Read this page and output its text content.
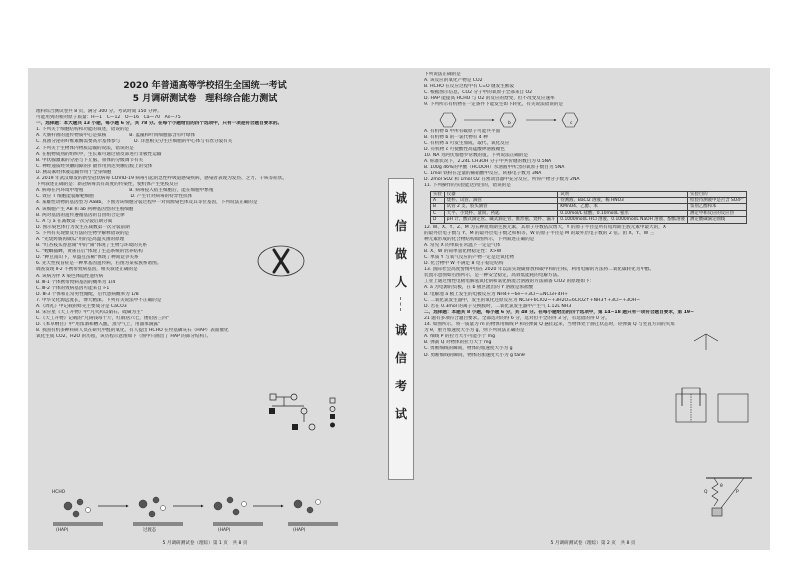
2020 年普通高等学校招生全国统一考试

5 月调研测试卷　理科综合能力测试

理科综合测试卷共 8 页，满分 300 分。考试时间 150 分钟。

可能用到的相对原子质量：H—1　C—12　O—16　Ca—70　As—75

一、选择题：本大题共 13 小题，每小题 6 分，共 78 分。在每个小题给出的四个选项中，只有一项是符合题目要求的。

1. 下列关于细胞结构和功能的叙述，错误的是

A. 大肠杆菌的遗传物质中心是拟核　　　　　B. 蓝藻和叶肉细胞都含有叶绿体

C. 真菌分泌的纤维素酶需要高尔基体参与　　　D. 洋葱根尖分生区细胞的中心体与有丝分裂有关

2. 下列关于生物体内物质运输的说法，错误的是

A. 在植物成熟的组织中，生长素可通过韧皮部进行非极性运输

B. 甲状腺激素的分泌与下丘脑、垂体的分级调节有关

C. 神经递质经突触间隙的扩散作用到达突触后膜上的受体

D. 胰岛素经体液运输作用于全身细胞

3. 2019 年武汉爆发的新型冠状病毒 COVID-19 病毒引起的急性呼吸道感染疾病，感染者表现为发热、乏力、干咳等症状。

下列叙述正确的是：新冠病毒具有高度的传染性，使机体产生免疫反应

A. 病毒在内环境中增殖　　　　　　　　　　B. 病毒侵入宿主细胞后，能在细胞中繁殖

C. 效应 T 细胞能裂解靶细胞　　　　　　　　D. 产生针对病毒的特异性抗体

4. 某雄性动物的基因型为 AaBb，下图为该细胞分裂过程中一对同源染色体及其等位基因，下列说法正确的是

A. 该细胞产生 AB 和 ab 两种基因型的生殖细胞

B. 两对基因的遗传遵循基因的自由组合定律

C. A 与 a 在减数第一次分裂后期分离

D. 图示染色体行为发生在减数第一次分裂前期

5. 下列有关现象及方法的生物学解释错误的是

A. "先烧烤肠再做瓜"用的是高温灭菌的原理

B. "红杏枝头春意闹"中的"闹"体现了生物与环境的关系

C. "螳螂捕蝉，黄雀在后"体现了生态系统的营养结构

D. "种豆南山下，草盛豆苗稀"体现了种间竞争关系

6. 先天性夜盲症是一种单基因遗传病，右图为某家族系谱图。

调查发现 Ⅱ-2 不携带致病基因，相关叙述正确的是

A. 该病为伴 X 染色体隐性遗传病

B. Ⅲ-1 个体携带致病基因的概率为 1/4

C. Ⅲ-2 个体的致病基因可能来自 Ⅰ-1

D. Ⅲ-3 个体和正常男性婚配，后代患病概率为 1/8

7. 中华文化源远流长，博大精深。下列有关说法中不正确的是

A.《周礼》中记载的蚌壳主要成分是 CaCO3

B. 宋应星《天工开物》中"凡火药以硝石、硫磺为主"

C.《天工开物》记载的"凡铸钱每十斤，红铜居六七，倭铅居三四"

D.《本草纲目》中"用浓酒和糟入甑，蒸令气上，用器承滴露"

8. 我国有机多种科研人员在研究甲醛的氧化，有人提出 HCHO 在羟基磷灰石（HAP）表面催化

氧化生成 CO2、H2O 的历程，该历程示意图如下（图中只画出了 HAP 的部分结构）。

HCHO
(HAP)	过渡态	(HAP)	(HAP)
5 月调研测试卷（理综）第 1 页　共 8 页
诚
信
做
人
诚
信
考
试

下列说法正确的是

A. 该反应的氧化产物是 CO2

B. HCHO 在反应过程中有 C=O 键发生断裂

C. 根据图示信息，CO2 分子中的氧原子全部来自 O2

D. HAP 能提高 HCHO 与 O2 的反应的焓变，但不改变反应速率

9. 下列所示有机物在一定条件下能发生如下转化，有关说法错误的是

b	c

A. 有机物 b 中所有碳原子可能共平面

B. 有机物 b 的一氯代物有 4 种

C. 有机物 a 可发生加成、取代、氧化反应

D. 有机物 c 可使酸性高锰酸钾溶液褪色

10. NA 为阿伏加德罗常数的值。下列说法正确的是

A. 标准状况下，2.24L CH3OH 分子中共价键的数目为 0.5NA

B. 100g 46%的甲酸（HCOOH）水溶液中所含的氧原子数目为 5NA

C. 1mol 铁粉在足量的稀硝酸中反应，转移电子数为 3NA

D. 2mol SO2 和 1mol O2 在密闭容器中充分反应，所得产物分子数为 2NA

11. 下列操作的实验能达到目的，错误的是

实验	仪器	试剂	实验目的
A	烧杯、试管、滴管	待测液、BaCl2 溶液、稀 HNO3	检验待测液中是否含 SO4²⁻
B	试管 2 支、胶头滴管	KMnO4、乙醇、苯	鉴别乙醇和苯
C	天平、小烧杯、量筒、药匙	0.10mol/L 盐酸、0.10mol/L 氨水	测定中和反应的反应热
D	pH 计、酸式滴定管、碱式滴定管、锥形瓶、烧杯、漏斗	0.1000mol/L HCl 溶液、0.1000mol/L NaOH 溶液、酚酞溶液	测定酸碱滴定曲线

12. W、X、Y、Z、M 为五种短周期主族元素，其原子序数依次增大，Y 的原子半径是所有短周期主族元素中最大的，X

的最外层电子数与 Y、M 的最外层电子数之和相等，W 的原子半径是 M 的最外层电子数的 2 倍。由 X、Y、W 三

种元素形成的化合物结构如图所示，下列叙述正确的是

A. 常见 X 的单质在常温下一定是气体

B. X、W 的简单氢化物稳定性：X>W

C. 单质 Y 与氧气反应的产物一定是过氧化物

D. 化合物中 W 不满足 8 电子稳定结构

13. 国际社会高度警惕中国在 2020 年以前实现碳排放和碳中和的目标，利用电解的方法将二氧化碳转化为甲醇。

装置示意图如右图所示，是一种安全稳定，高效低能耗的电解方法。

工业上通过惰性电极电解氢氧化钠和氯化钠混合溶液的方法制备 ClO2 的原理如下：

A. a 为电源的负极，在 b 极区流出的 Y 溶液是浓盐酸

B. 电解池 a 极上发生的电极反应为 NH4+−6e−+3Cl−=NCl3+4H+

C. 二氧化氯发生器中，发生的氧化还原反应为 NCl3+6ClO2−+3H2O=6ClO2↑+NH3↑+3Cl−+3OH−

D. 若在 0.3mol 的离子交换膜时，二氧化氯发生器中产生气 1.12L NH3

二、选择题：本题共 8 小题，每小题 6 分，共 48 分。在每小题给出的四个选项中，第 14~18 题只有一项符合题目要求，第 19~

21 题有多项符合题目要求。全部选对的得 6 分，选对但不全的得 3 分，有选错的得 0 分。

14. 如图所示，将一质量为 m 的物体用细线 P 和轻弹簧 Q 悬挂起来，当物体处于静止状态时，轻弹簧 Q 与竖直方向的夹角

为 θ，重力加速度大小为 g，则下列说法正确的是

A. 细线 P 的拉力大小可能小于 mg

B. 弹簧 Q 对物体的拉力大于 mg

C. 剪断细线的瞬间，物体的加速度大小为 g

D. 剪断细线的瞬间，物体的加速度大小为 g tanθ

Q	P
θ
5 月调研测试卷（理综）第 2 页　共 8 页
